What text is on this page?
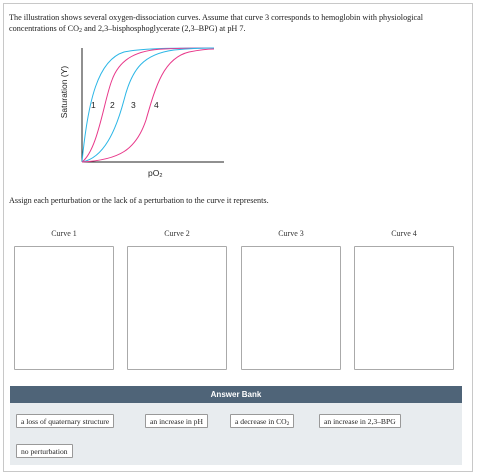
The illustration shows several oxygen-dissociation curves. Assume that curve 3 corresponds to hemoglobin with physiological
concentrations of $CO_2$ and 2,3–bisphosphoglycerate (2,3–BPG) at pH 7.
Saturation (Y)	1 2 3 4
$pO_2$
Assign each perturbation or the lack of a perturbation to the curve it represents.
Curve 1	Curve 2	Curve 3	Curve 4
Answer Bank
a loss of quaternary structure	an increase in pH	a decrease in $CO_2$	an increase in 2,3–BPG
no perturbation
